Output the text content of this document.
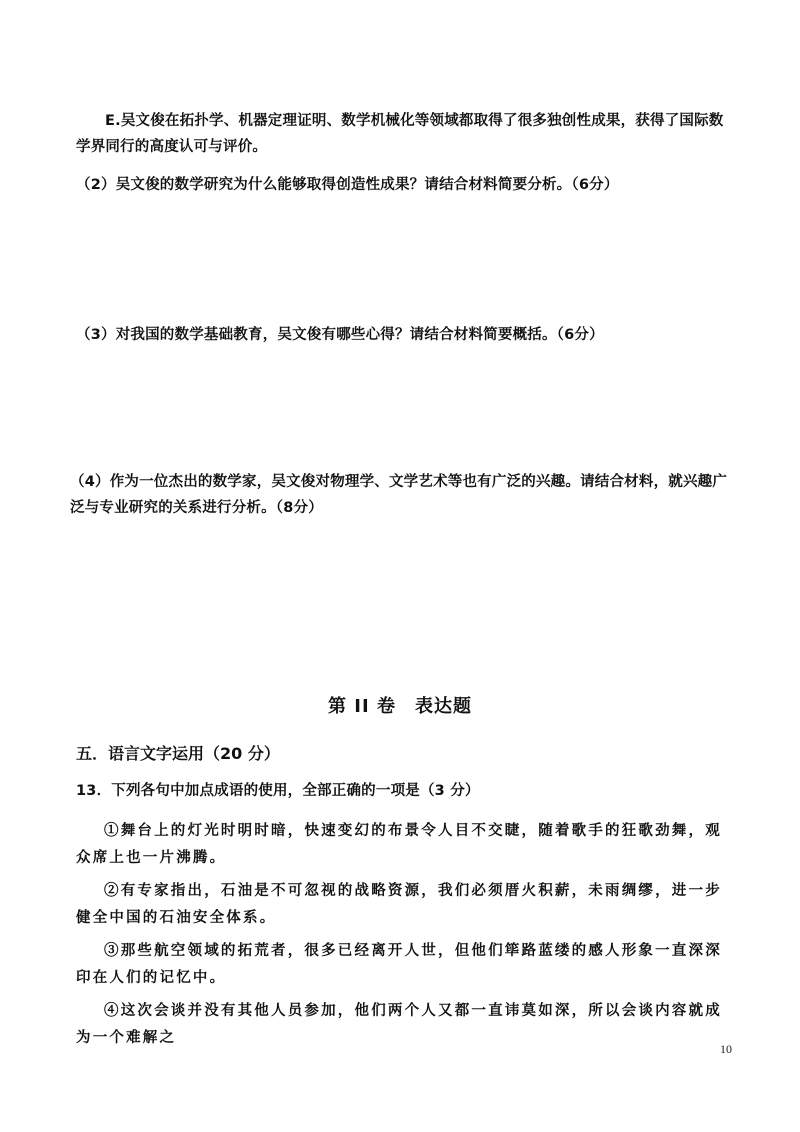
E.吴文俊在拓扑学、机器定理证明、数学机械化等领域都取得了很多独创性成果，获得了国际数学界同行的高度认可与评价。

（2）吴文俊的数学研究为什么能够取得创造性成果？请结合材料简要分析。（6分）

（3）对我国的数学基础教育，吴文俊有哪些心得？请结合材料简要概括。（6分）

（4）作为一位杰出的数学家，吴文俊对物理学、文学艺术等也有广泛的兴趣。请结合材料，就兴趣广泛与专业研究的关系进行分析。（8分）

第 II 卷　表达题
五．语言文字运用（20 分）

13．下列各句中加点成语的使用，全部正确的一项是（3 分）

①舞台上的灯光时明时暗，快速变幻的布景令人目不交睫，随着歌手的狂歌劲舞，观众席上也一片沸腾。

②有专家指出，石油是不可忽视的战略资源，我们必须厝火积薪，未雨绸缪，进一步健全中国的石油安全体系。

③那些航空领域的拓荒者，很多已经离开人世，但他们筚路蓝缕的感人形象一直深深印在人们的记忆中。

④这次会谈并没有其他人员参加，他们两个人又都一直讳莫如深，所以会谈内容就成为一个难解之

10
